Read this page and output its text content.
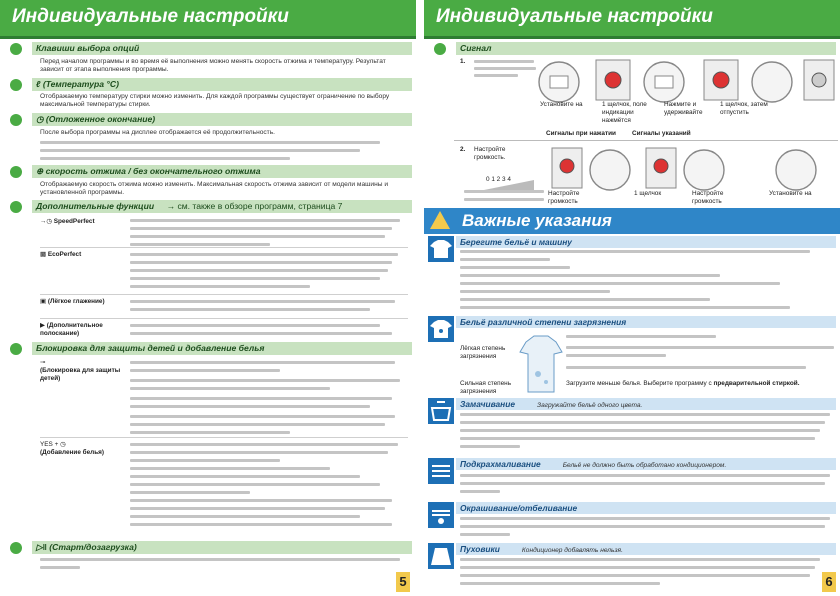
Индивидуальные настройки
Клавиши выбора опций
Перед началом программы и во время её выполнения можно менять скорость отжима и температуру. Результат зависит от этапа выполнения программы.
ℓ (Температура °С)
Отображаемую температуру стирки можно изменить. Для каждой программы существует ограничение по выбору максимальной температуры стирки.
◷ (Отложенное окончание)
После выбора программы на дисплее отображается её продолжительность.
⊕ скорость отжима / без окончательного отжима
Отображаемую скорость отжима можно изменить. Максимальная скорость отжима зависит от модели машины и установленной программы.
Дополнительные функции → см. также в обзоре программ, страница 7
→◷ SpeedPerfect
▩ EcoPerfect
▣ (Лёгкое глажение)
▶ (Дополнительное полоскание)
Блокировка для защиты детей и добавление белья
⊸
(Блокировка для защиты детей)
YES + ◷
(Добавление белья)
▷‖ (Старт/дозагрузка)
5
Индивидуальные настройки
Сигнал
1.
Установите на	1 щелчок, поле индикации нажмётся
Нажмите и удерживайте
1 щелчок, затем отпустить
Сигналы при нажатии	Сигналы указаний
2. Настройте громкость.
0 1 2 3 4
Настройте громкость
1 щелчок	Настройте громкость
Установите на
Важные указания
Берегите бельё и машину
Бельё различной степени загрязнения
Лёгкая степень загрязнения
Сильная степень загрязнения
Загрузите меньше белья. Выберите программу с предварительной стиркой.
Замачивание	Загружайте бельё одного цвета.
Подкрахмаливание	Бельё не должно быть обработано кондиционером.
Окрашивание/отбеливание
Пуховики	Кондиционер добавлять нельзя.
6
